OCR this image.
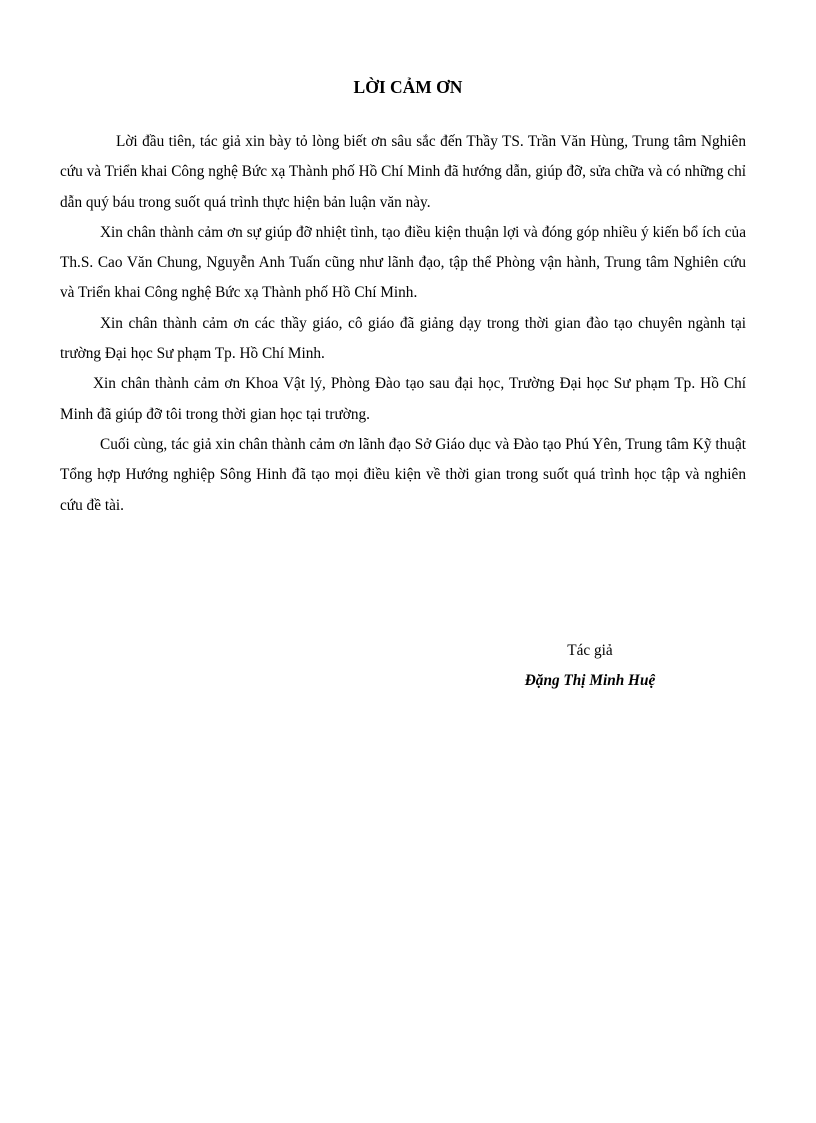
LỜI CẢM ƠN

Lời đầu tiên, tác giả xin bày tỏ lòng biết ơn sâu sắc đến Thầy TS. Trần Văn Hùng, Trung tâm Nghiên cứu và Triển khai Công nghệ Bức xạ Thành phố Hồ Chí Minh đã hướng dẫn, giúp đỡ, sửa chữa và có những chỉ dẫn quý báu trong suốt quá trình thực hiện bản luận văn này.

Xin chân thành cảm ơn sự giúp đỡ nhiệt tình, tạo điều kiện thuận lợi và đóng góp nhiều ý kiến bổ ích của Th.S. Cao Văn Chung, Nguyễn Anh Tuấn cũng như lãnh đạo, tập thể Phòng vận hành, Trung tâm Nghiên cứu và Triển khai Công nghệ Bức xạ Thành phố Hồ Chí Minh.

Xin chân thành cảm ơn các thầy giáo, cô giáo đã giảng dạy trong thời gian đào tạo chuyên ngành tại trường Đại học Sư phạm Tp. Hồ Chí Minh.

Xin chân thành cảm ơn Khoa Vật lý, Phòng Đào tạo sau đại học, Trường Đại học Sư phạm Tp. Hồ Chí Minh đã giúp đỡ tôi trong thời gian học tại trường.

Cuối cùng, tác giả xin chân thành cảm ơn lãnh đạo Sở Giáo dục và Đào tạo Phú Yên, Trung tâm Kỹ thuật Tổng hợp Hướng nghiệp Sông Hinh đã tạo mọi điều kiện về thời gian trong suốt quá trình học tập và nghiên cứu đề tài.

Tác giả
Đặng Thị Minh Huệ
